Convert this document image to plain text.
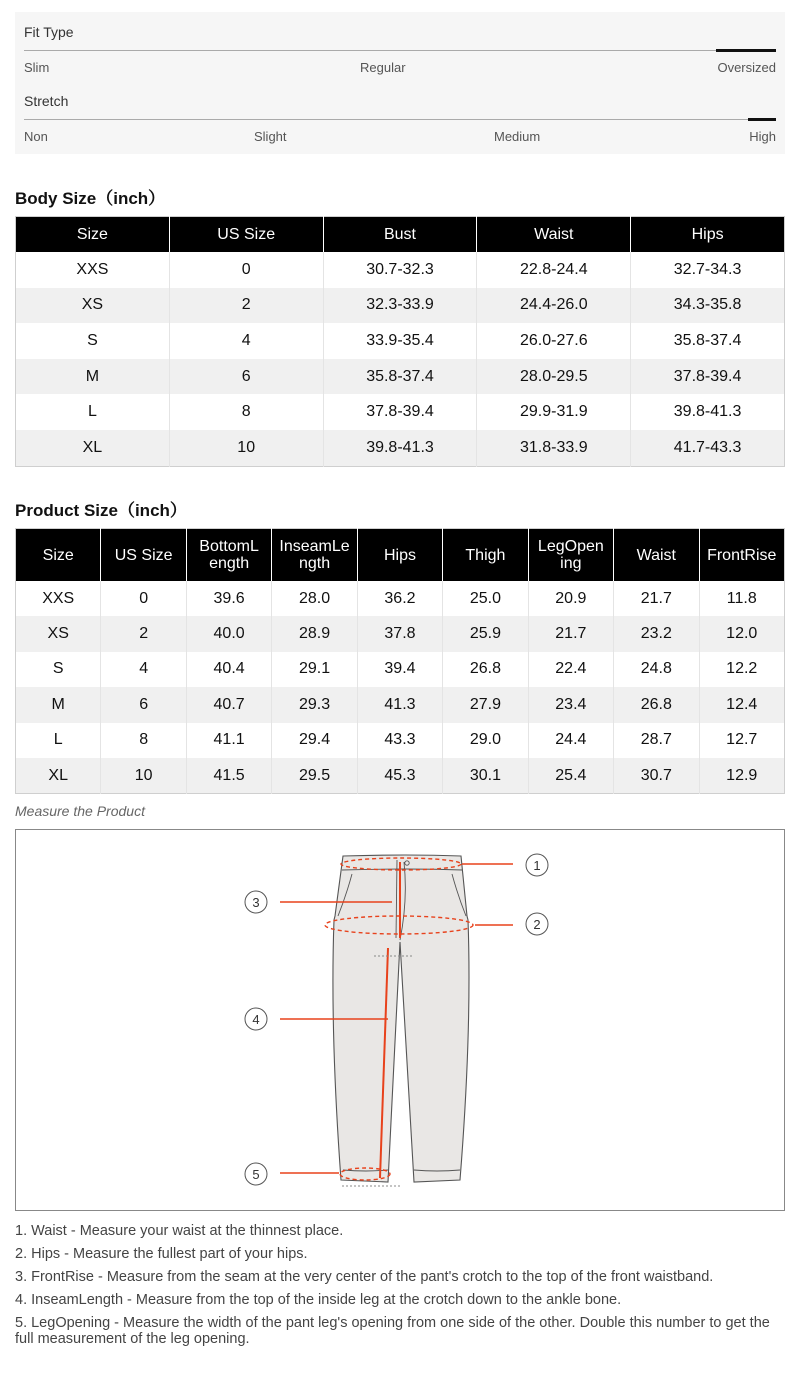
Fit Type
Slim	Regular	Oversized
Stretch
Non	Slight	Medium	High
Body Size（inch）
Size	US Size	Bust	Waist	Hips
XXS	0	30.7-32.3	22.8-24.4	32.7-34.3
XS	2	32.3-33.9	24.4-26.0	34.3-35.8
S	4	33.9-35.4	26.0-27.6	35.8-37.4
M	6	35.8-37.4	28.0-29.5	37.8-39.4
L	8	37.8-39.4	29.9-31.9	39.8-41.3
XL	10	39.8-41.3	31.8-33.9	41.7-43.3
Product Size（inch）
Size	US Size	BottomL ength	InseamLe ngth	Hips	Thigh	LegOpen ing	Waist	FrontRise
XXS	0	39.6	28.0	36.2	25.0	20.9	21.7	11.8
XS	2	40.0	28.9	37.8	25.9	21.7	23.2	12.0
S	4	40.4	29.1	39.4	26.8	22.4	24.8	12.2
M	6	40.7	29.3	41.3	27.9	23.4	26.8	12.4
L	8	41.1	29.4	43.3	29.0	24.4	28.7	12.7
XL	10	41.5	29.5	45.3	30.1	25.4	30.7	12.9
Measure the Product
1
2
3
4
5
1. Waist - Measure your waist at the thinnest place.
2. Hips - Measure the fullest part of your hips.
3. FrontRise - Measure from the seam at the very center of the pant's crotch to the top of the front waistband.
4. InseamLength - Measure from the top of the inside leg at the crotch down to the ankle bone.
5. LegOpening - Measure the width of the pant leg's opening from one side of the other. Double this number to get the full measurement of the leg opening.
